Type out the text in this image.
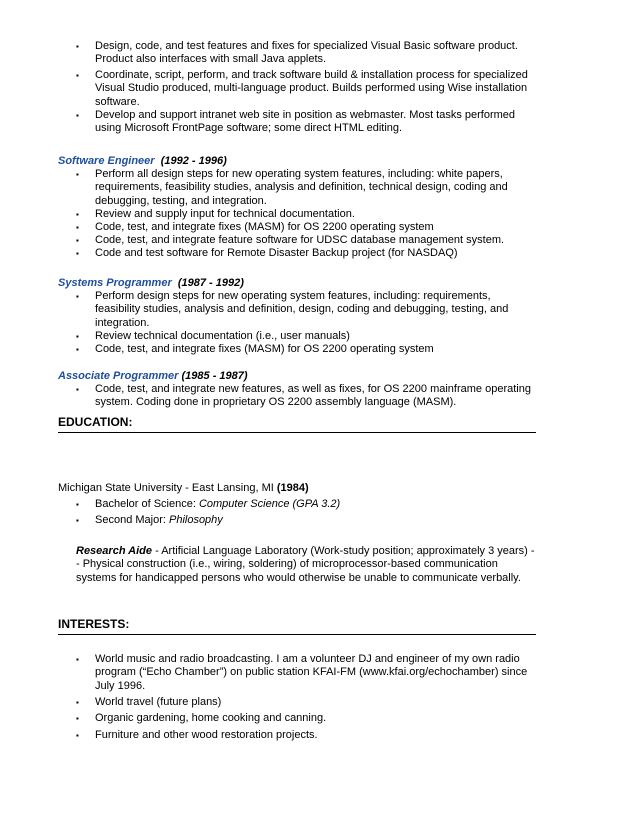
▪	Design, code, and test features and fixes for specialized Visual Basic software product. Product also interfaces with small Java applets.
▪	Coordinate, script, perform, and track software build & installation process for specialized Visual Studio produced, multi-language product. Builds performed using Wise installation software.
▪	Develop and support intranet web site in position as webmaster. Most tasks performed using Microsoft FrontPage software; some direct HTML editing.
Software Engineer (1992 - 1996)
▪	Perform all design steps for new operating system features, including: white papers, requirements, feasibility studies, analysis and definition, technical design, coding and debugging, testing, and integration.
▪	Review and supply input for technical documentation.
▪	Code, test, and integrate fixes (MASM) for OS 2200 operating system
▪	Code, test, and integrate feature software for UDSC database management system.
▪	Code and test software for Remote Disaster Backup project (for NASDAQ)
Systems Programmer (1987 - 1992)
▪	Perform design steps for new operating system features, including: requirements, feasibility studies, analysis and definition, design, coding and debugging, testing, and integration.
▪	Review technical documentation (i.e., user manuals)
▪	Code, test, and integrate fixes (MASM) for OS 2200 operating system
Associate Programmer (1985 - 1987)
▪	Code, test, and integrate new features, as well as fixes, for OS 2200 mainframe operating system. Coding done in proprietary OS 2200 assembly language (MASM).
EDUCATION:
Michigan State University - East Lansing, MI (1984)
▪	Bachelor of Science: Computer Science (GPA 3.2)
▪	Second Major: Philosophy
Research Aide - Artificial Language Laboratory (Work-study position; approximately 3 years) -- Physical construction (i.e., wiring, soldering) of microprocessor-based communication systems for handicapped persons who would otherwise be unable to communicate verbally.
INTERESTS:
▪	World music and radio broadcasting. I am a volunteer DJ and engineer of my own radio program (“Echo Chamber”) on public station KFAI-FM (www.kfai.org/echochamber) since July 1996.
▪	World travel (future plans)
▪	Organic gardening, home cooking and canning.
▪	Furniture and other wood restoration projects.
